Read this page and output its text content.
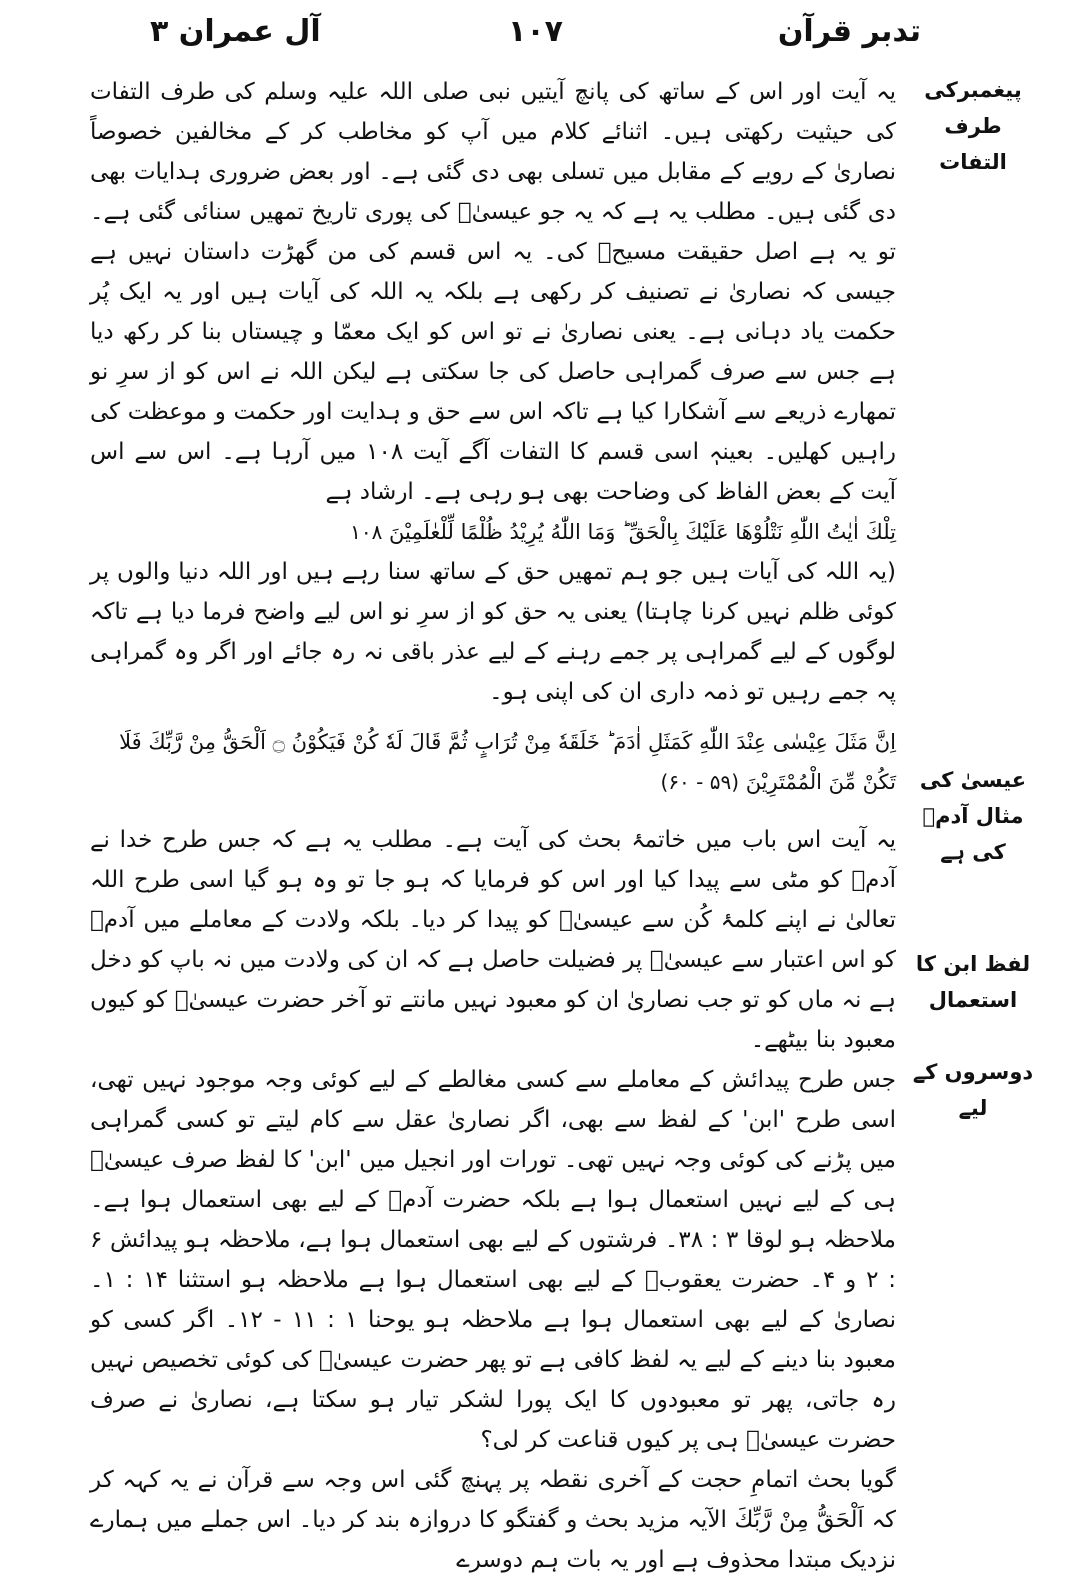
تدبر قرآن
۱۰۷
آل عمران ۳
پیغمبرکی طرف التفات
عیسیٰ کی مثال آدمؑ کی ہے
لفظ ابن کا استعمال
دوسروں کے لیے

یہ آیت اور اس کے ساتھ کی پانچ آیتیں نبی صلی اللہ علیہ وسلم کی طرف التفات کی حیثیت رکھتی ہیں۔ اثنائے کلام میں آپ کو مخاطب کر کے مخالفین خصوصاً نصاریٰ کے رویے کے مقابل میں تسلی بھی دی گئی ہے۔ اور بعض ضروری ہدایات بھی دی گئی ہیں۔ مطلب یہ ہے کہ یہ جو عیسیٰؑ کی پوری تاریخ تمھیں سنائی گئی ہے۔ تو یہ ہے اصل حقیقت مسیحؑ کی۔ یہ اس قسم کی من گھڑت داستان نہیں ہے جیسی کہ نصاریٰ نے تصنیف کر رکھی ہے بلکہ یہ اللہ کی آیات ہیں اور یہ ایک پُر حکمت یاد دہانی ہے۔ یعنی نصاریٰ نے تو اس کو ایک معمّا و چیستاں بنا کر رکھ دیا ہے جس سے صرف گمراہی حاصل کی جا سکتی ہے لیکن اللہ نے اس کو از سرِ نو تمھارے ذریعے سے آشکارا کیا ہے تاکہ اس سے حق و ہدایت اور حکمت و موعظت کی راہیں کھلیں۔ بعینہٖ اسی قسم کا التفات آگے آیت ۱۰۸ میں آرہا ہے۔ اس سے اس آیت کے بعض الفاظ کی وضاحت بھی ہو رہی ہے۔ ارشاد ہے

تِلْكَ اٰیٰتُ اللّٰهِ نَتْلُوْهَا عَلَیْكَ بِالْحَقِّ ؕ وَمَا اللّٰهُ یُرِیْدُ ظُلْمًا لِّلْعٰلَمِیْنَ ۱۰۸

(یہ اللہ کی آیات ہیں جو ہم تمھیں حق کے ساتھ سنا رہے ہیں اور اللہ دنیا والوں پر کوئی ظلم نہیں کرنا چاہتا) یعنی یہ حق کو از سرِ نو اس لیے واضح فرما دیا ہے تاکہ لوگوں کے لیے گمراہی پر جمے رہنے کے لیے عذر باقی نہ رہ جائے اور اگر وہ گمراہی پہ جمے رہیں تو ذمہ داری ان کی اپنی ہو۔

اِنَّ مَثَلَ عِیْسٰی عِنْدَ اللّٰهِ كَمَثَلِ اٰدَمَ ؕ خَلَقَهٗ مِنْ تُرَابٍ ثُمَّ قَالَ لَهٗ كُنْ فَیَكُوْنُ ۝ اَلْحَقُّ مِنْ رَّبِّكَ فَلَا تَكُنْ مِّنَ الْمُمْتَرِیْنَ (۵۹ - ۶۰)

یہ آیت اس باب میں خاتمۂ بحث کی آیت ہے۔ مطلب یہ ہے کہ جس طرح خدا نے آدمؑ کو مٹی سے پیدا کیا اور اس کو فرمایا کہ ہو جا تو وہ ہو گیا اسی طرح اللہ تعالیٰ نے اپنے کلمۂ کُن سے عیسیٰؑ کو پیدا کر دیا۔ بلکہ ولادت کے معاملے میں آدمؑ کو اس اعتبار سے عیسیٰؑ پر فضیلت حاصل ہے کہ ان کی ولادت میں نہ باپ کو دخل ہے نہ ماں کو تو جب نصاریٰ ان کو معبود نہیں مانتے تو آخر حضرت عیسیٰؑ کو کیوں معبود بنا بیٹھے۔

جس طرح پیدائش کے معاملے سے کسی مغالطے کے لیے کوئی وجہ موجود نہیں تھی، اسی طرح 'ابن' کے لفظ سے بھی، اگر نصاریٰ عقل سے کام لیتے تو کسی گمراہی میں پڑنے کی کوئی وجہ نہیں تھی۔ تورات اور انجیل میں 'ابن' کا لفظ صرف عیسیٰؑ ہی کے لیے نہیں استعمال ہوا ہے بلکہ حضرت آدمؑ کے لیے بھی استعمال ہوا ہے۔ ملاحظہ ہو لوقا ۳ : ۳۸۔ فرشتوں کے لیے بھی استعمال ہوا ہے، ملاحظہ ہو پیدائش ۶ : ۲ و ۴۔ حضرت یعقوبؑ کے لیے بھی استعمال ہوا ہے ملاحظہ ہو استثنا ۱۴ : ۱۔ نصاریٰ کے لیے بھی استعمال ہوا ہے ملاحظہ ہو یوحنا ۱ : ۱۱ - ۱۲۔ اگر کسی کو معبود بنا دینے کے لیے یہ لفظ کافی ہے تو پھر حضرت عیسیٰؑ کی کوئی تخصیص نہیں رہ جاتی، پھر تو معبودوں کا ایک پورا لشکر تیار ہو سکتا ہے، نصاریٰ نے صرف حضرت عیسیٰؑ ہی پر کیوں قناعت کر لی؟

گویا بحث اتمامِ حجت کے آخری نقطہ پر پہنچ گئی اس وجہ سے قرآن نے یہ کہہ کر کہ اَلْحَقُّ مِنْ رَّبِّكَ الآیہ مزید بحث و گفتگو کا دروازہ بند کر دیا۔ اس جملے میں ہمارے نزدیک مبتدا محذوف ہے اور یہ بات ہم دوسرے
